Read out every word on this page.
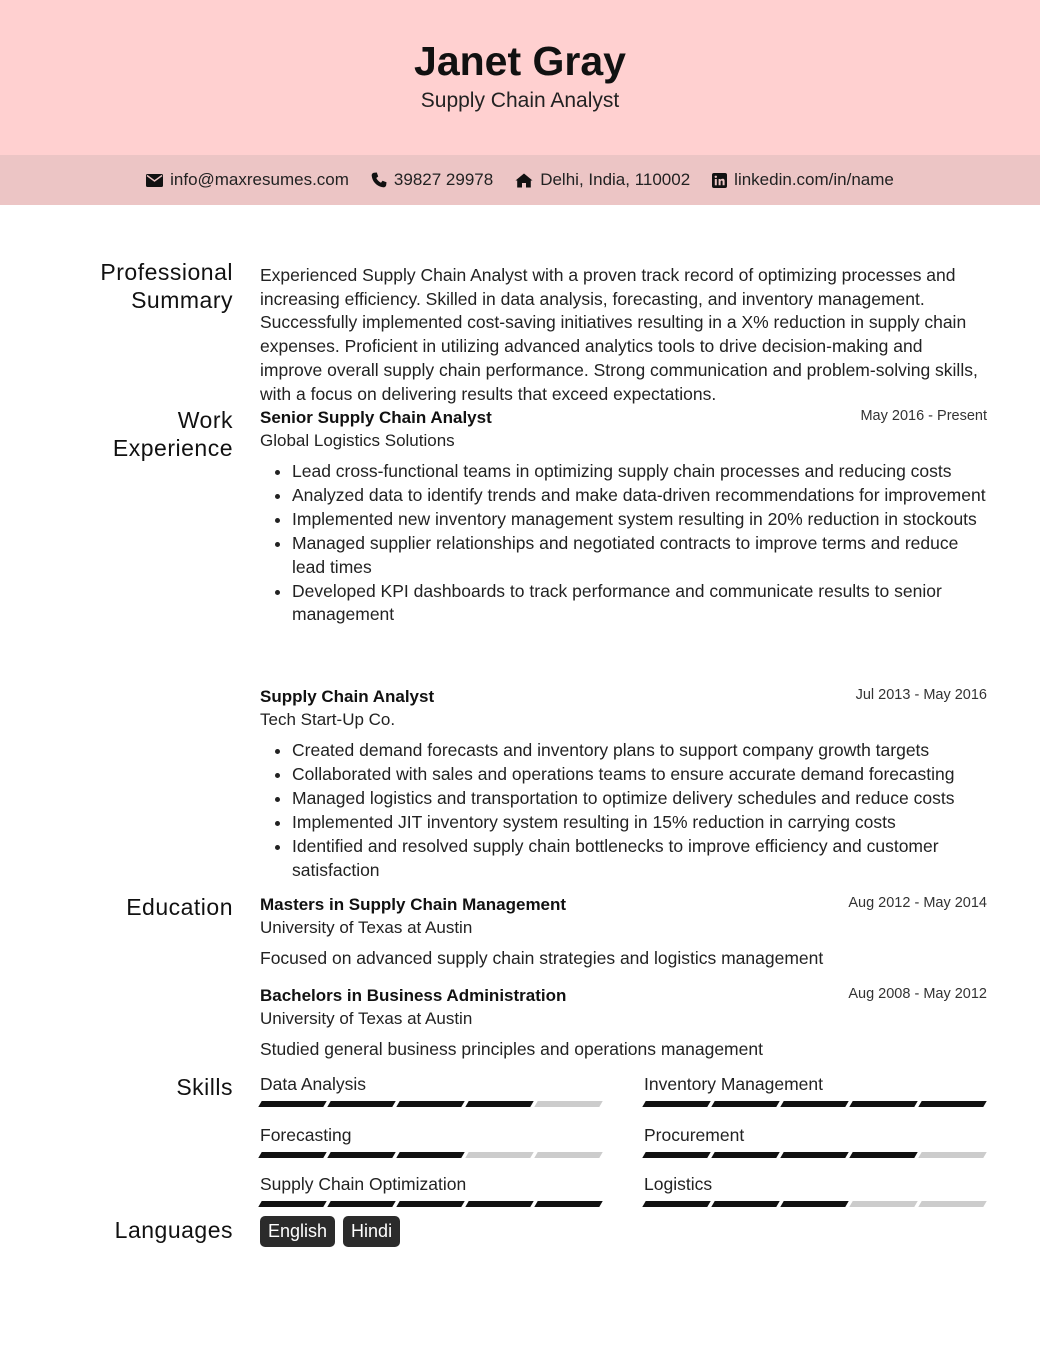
Janet Gray
Supply Chain Analyst
info@maxresumes.com	39827 29978	Delhi, India, 110002	linkedin.com/in/name
Professional
Summary

Experienced Supply Chain Analyst with a proven track record of optimizing processes and increasing efficiency. Skilled in data analysis, forecasting, and inventory management. Successfully implemented cost-saving initiatives resulting in a X% reduction in supply chain expenses. Proficient in utilizing advanced analytics tools to drive decision-making and improve overall supply chain performance. Strong communication and problem-solving skills, with a focus on delivering results that exceed expectations.

Work
Experience
May 2016 - Present
Senior Supply Chain Analyst
Global Logistics Solutions
• Lead cross-functional teams in optimizing supply chain processes and reducing costs
• Analyzed data to identify trends and make data-driven recommendations for improvement
• Implemented new inventory management system resulting in 20% reduction in stockouts
• Managed supplier relationships and negotiated contracts to improve terms and reduce lead times
• Developed KPI dashboards to track performance and communicate results to senior management
Jul 2013 - May 2016
Supply Chain Analyst
Tech Start-Up Co.
• Created demand forecasts and inventory plans to support company growth targets
• Collaborated with sales and operations teams to ensure accurate demand forecasting
• Managed logistics and transportation to optimize delivery schedules and reduce costs
• Implemented JIT inventory system resulting in 15% reduction in carrying costs
• Identified and resolved supply chain bottlenecks to improve efficiency and customer satisfaction
Education	Aug 2012 - May 2014
Masters in Supply Chain Management
University of Texas at Austin
Focused on advanced supply chain strategies and logistics management
Aug 2008 - May 2012
Bachelors in Business Administration
University of Texas at Austin
Studied general business principles and operations management
Skills Data Analysis	Inventory Management
Forecasting	Procurement
Supply Chain Optimization	Logistics
Languages	English	Hindi
